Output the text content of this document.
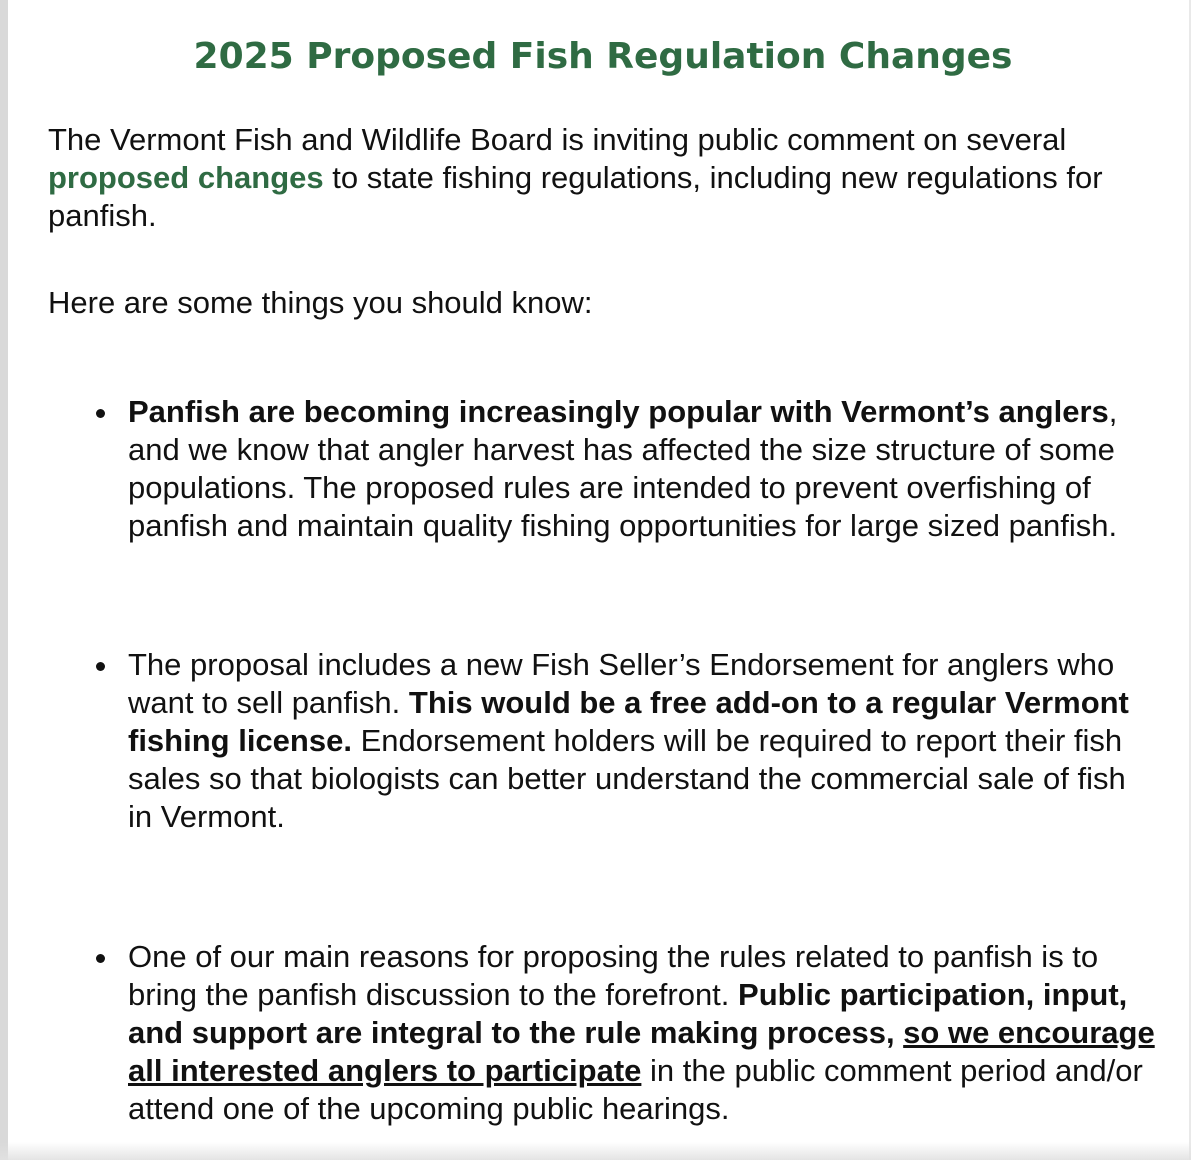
2025 Proposed Fish Regulation Changes

The Vermont Fish and Wildlife Board is inviting public comment on several proposed changes to state fishing regulations, including new regulations for panfish.

Here are some things you should know:

Panfish are becoming increasingly popular with Vermont’s anglers, and we know that angler harvest has affected the size structure of some populations. The proposed rules are intended to prevent overfishing of panfish and maintain quality fishing opportunities for large sized panfish.
The proposal includes a new Fish Seller’s Endorsement for anglers who want to sell panfish. This would be a free add-on to a regular Vermont fishing license. Endorsement holders will be required to report their fish sales so that biologists can better understand the commercial sale of fish in Vermont.
One of our main reasons for proposing the rules related to panfish is to bring the panfish discussion to the forefront. Public participation, input, and support are integral to the rule making process, so we encourage all interested anglers to participate in the public comment period and/or attend one of the upcoming public hearings.
